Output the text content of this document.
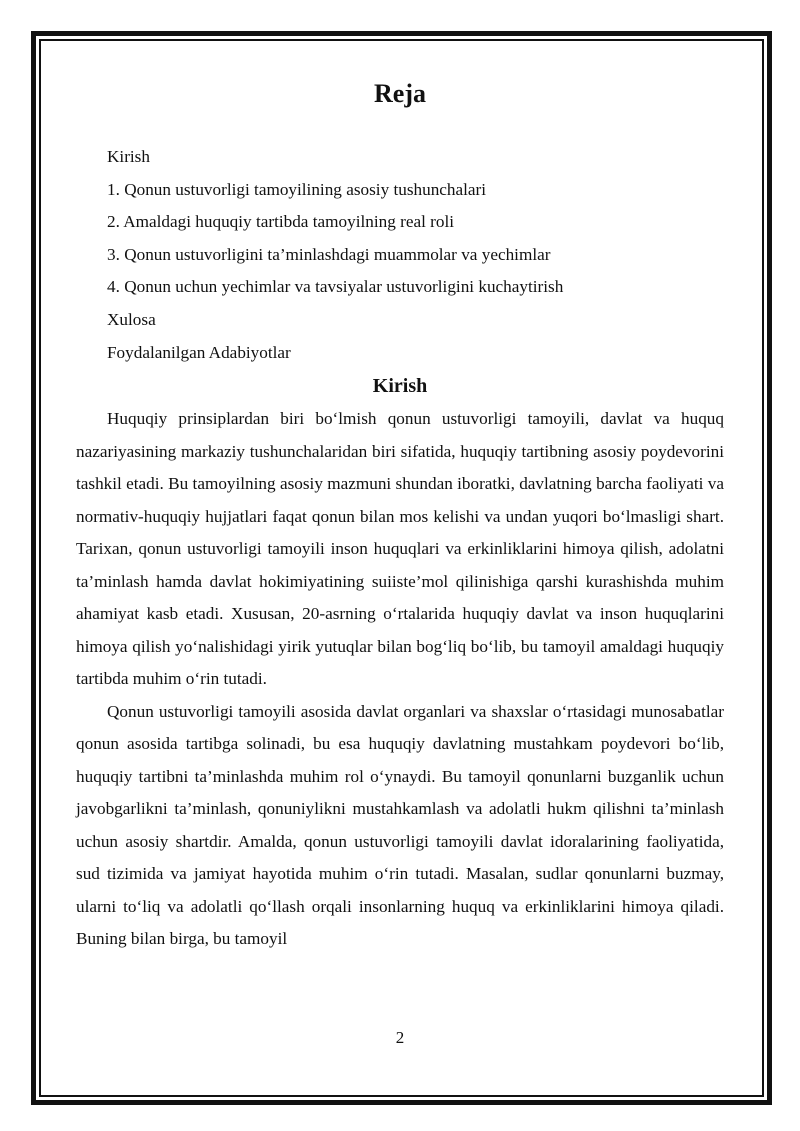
Reja
Kirish
1. Qonun ustuvorligi tamoyilining asosiy tushunchalari
2. Amaldagi huquqiy tartibda tamoyilning real roli
3. Qonun ustuvorligini ta’minlashdagi muammolar va yechimlar
4. Qonun uchun yechimlar va tavsiyalar ustuvorligini kuchaytirish
Xulosa
Foydalanilgan Adabiyotlar
Kirish

Huquqiy prinsiplardan biri bo‘lmish qonun ustuvorligi tamoyili, davlat va huquq nazariyasining markaziy tushunchalaridan biri sifatida, huquqiy tartibning asosiy poydevorini tashkil etadi. Bu tamoyilning asosiy mazmuni shundan iboratki, davlatning barcha faoliyati va normativ-huquqiy hujjatlari faqat qonun bilan mos kelishi va undan yuqori bo‘lmasligi shart. Tarixan, qonun ustuvorligi tamoyili inson huquqlari va erkinliklarini himoya qilish, adolatni ta’minlash hamda davlat hokimiyatining suiiste’mol qilinishiga qarshi kurashishda muhim ahamiyat kasb etadi. Xususan, 20-asrning o‘rtalarida huquqiy davlat va inson huquqlarini himoya qilish yo‘nalishidagi yirik yutuqlar bilan bog‘liq bo‘lib, bu tamoyil amaldagi huquqiy tartibda muhim o‘rin tutadi.

Qonun ustuvorligi tamoyili asosida davlat organlari va shaxslar o‘rtasidagi munosabatlar qonun asosida tartibga solinadi, bu esa huquqiy davlatning mustahkam poydevori bo‘lib, huquqiy tartibni ta’minlashda muhim rol o‘ynaydi. Bu tamoyil qonunlarni buzganlik uchun javobgarlikni ta’minlash, qonuniylikni mustahkamlash va adolatli hukm qilishni ta’minlash uchun asosiy shartdir. Amalda, qonun ustuvorligi tamoyili davlat idoralarining faoliyatida, sud tizimida va jamiyat hayotida muhim o‘rin tutadi. Masalan, sudlar qonunlarni buzmay, ularni to‘liq va adolatli qo‘llash orqali insonlarning huquq va erkinliklarini himoya qiladi. Buning bilan birga, bu tamoyil

2
